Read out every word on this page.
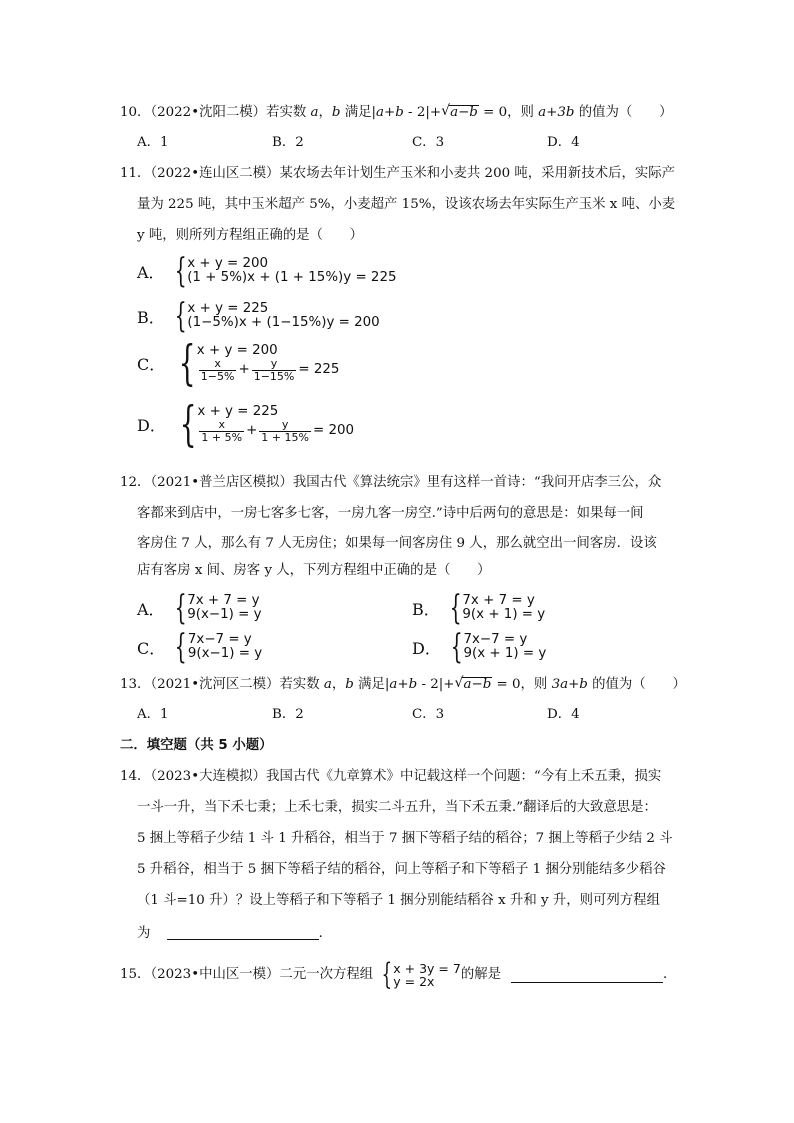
10．（2022•沈阳二模）若实数 a，b 满足|a+b - 2|+ √ a−b = 0，则 a+3b 的值为（　　）
A．1	B．2	C．3	D．4
11．（2022•连山区二模）某农场去年计划生产玉米和小麦共 200 吨，采用新技术后，实际产
量为 225 吨，其中玉米超产 5%，小麦超产 15%，设该农场去年实际生产玉米 x 吨、小麦
y 吨，则所列方程组正确的是（　　）
A． { x + y = 200
(1 + 5%)x + (1 + 15%)y = 225
B． { x + y = 225
(1−5%)x + (1−15%)y = 200
C． { x + y = 200
$\frac{x}{1-5\%} + \frac{y}{1-15\%} = 225$
D． { x + y = 225
$\frac{x}{1 + 5\%} + \frac{y}{1 + 15\%} = 200$
12．（2021•普兰店区模拟）我国古代《算法统宗》里有这样一首诗：“我问开店李三公，众
客都来到店中，一房七客多七客，一房九客一房空.”诗中后两句的意思是：如果每一间
客房住 7 人，那么有 7 人无房住；如果每一间客房住 9 人，那么就空出一间客房．设该
店有客房 x 间、房客 y 人，下列方程组中正确的是（　　）
A． { 7x + 7 = y
9(x−1) = y	B． { 7x + 7 = y
9(x + 1) = y
C． { 7x−7 = y
9(x−1) = y	D． { 7x−7 = y
9(x + 1) = y
13．（2021•沈河区二模）若实数 a，b 满足|a+b - 2|+ √ a−b = 0，则 3a+b 的值为（　　）
A．1	B．2	C．3	D．4
二．填空题（共 5 小题）
14．（2023•大连模拟）我国古代《九章算术》中记载这样一个问题：“今有上禾五秉，损实
一斗一升，当下禾七秉；上禾七秉，损实二斗五升，当下禾五秉.”翻译后的大致意思是：
5 捆上等稻子少结 1 斗 1 升稻谷，相当于 7 捆下等稻子结的稻谷；7 捆上等稻子少结 2 斗
5 升稻谷，相当于 5 捆下等稻子结的稻谷，问上等稻子和下等稻子 1 捆分别能结多少稻谷
（1 斗=10 升）？设上等稻子和下等稻子 1 捆分别能结稻谷 x 升和 y 升，则可列方程组
为	．
15．（2023•中山区一模）二元一次方程组 { x + 3y = 7
y = 2x	的解是	．
